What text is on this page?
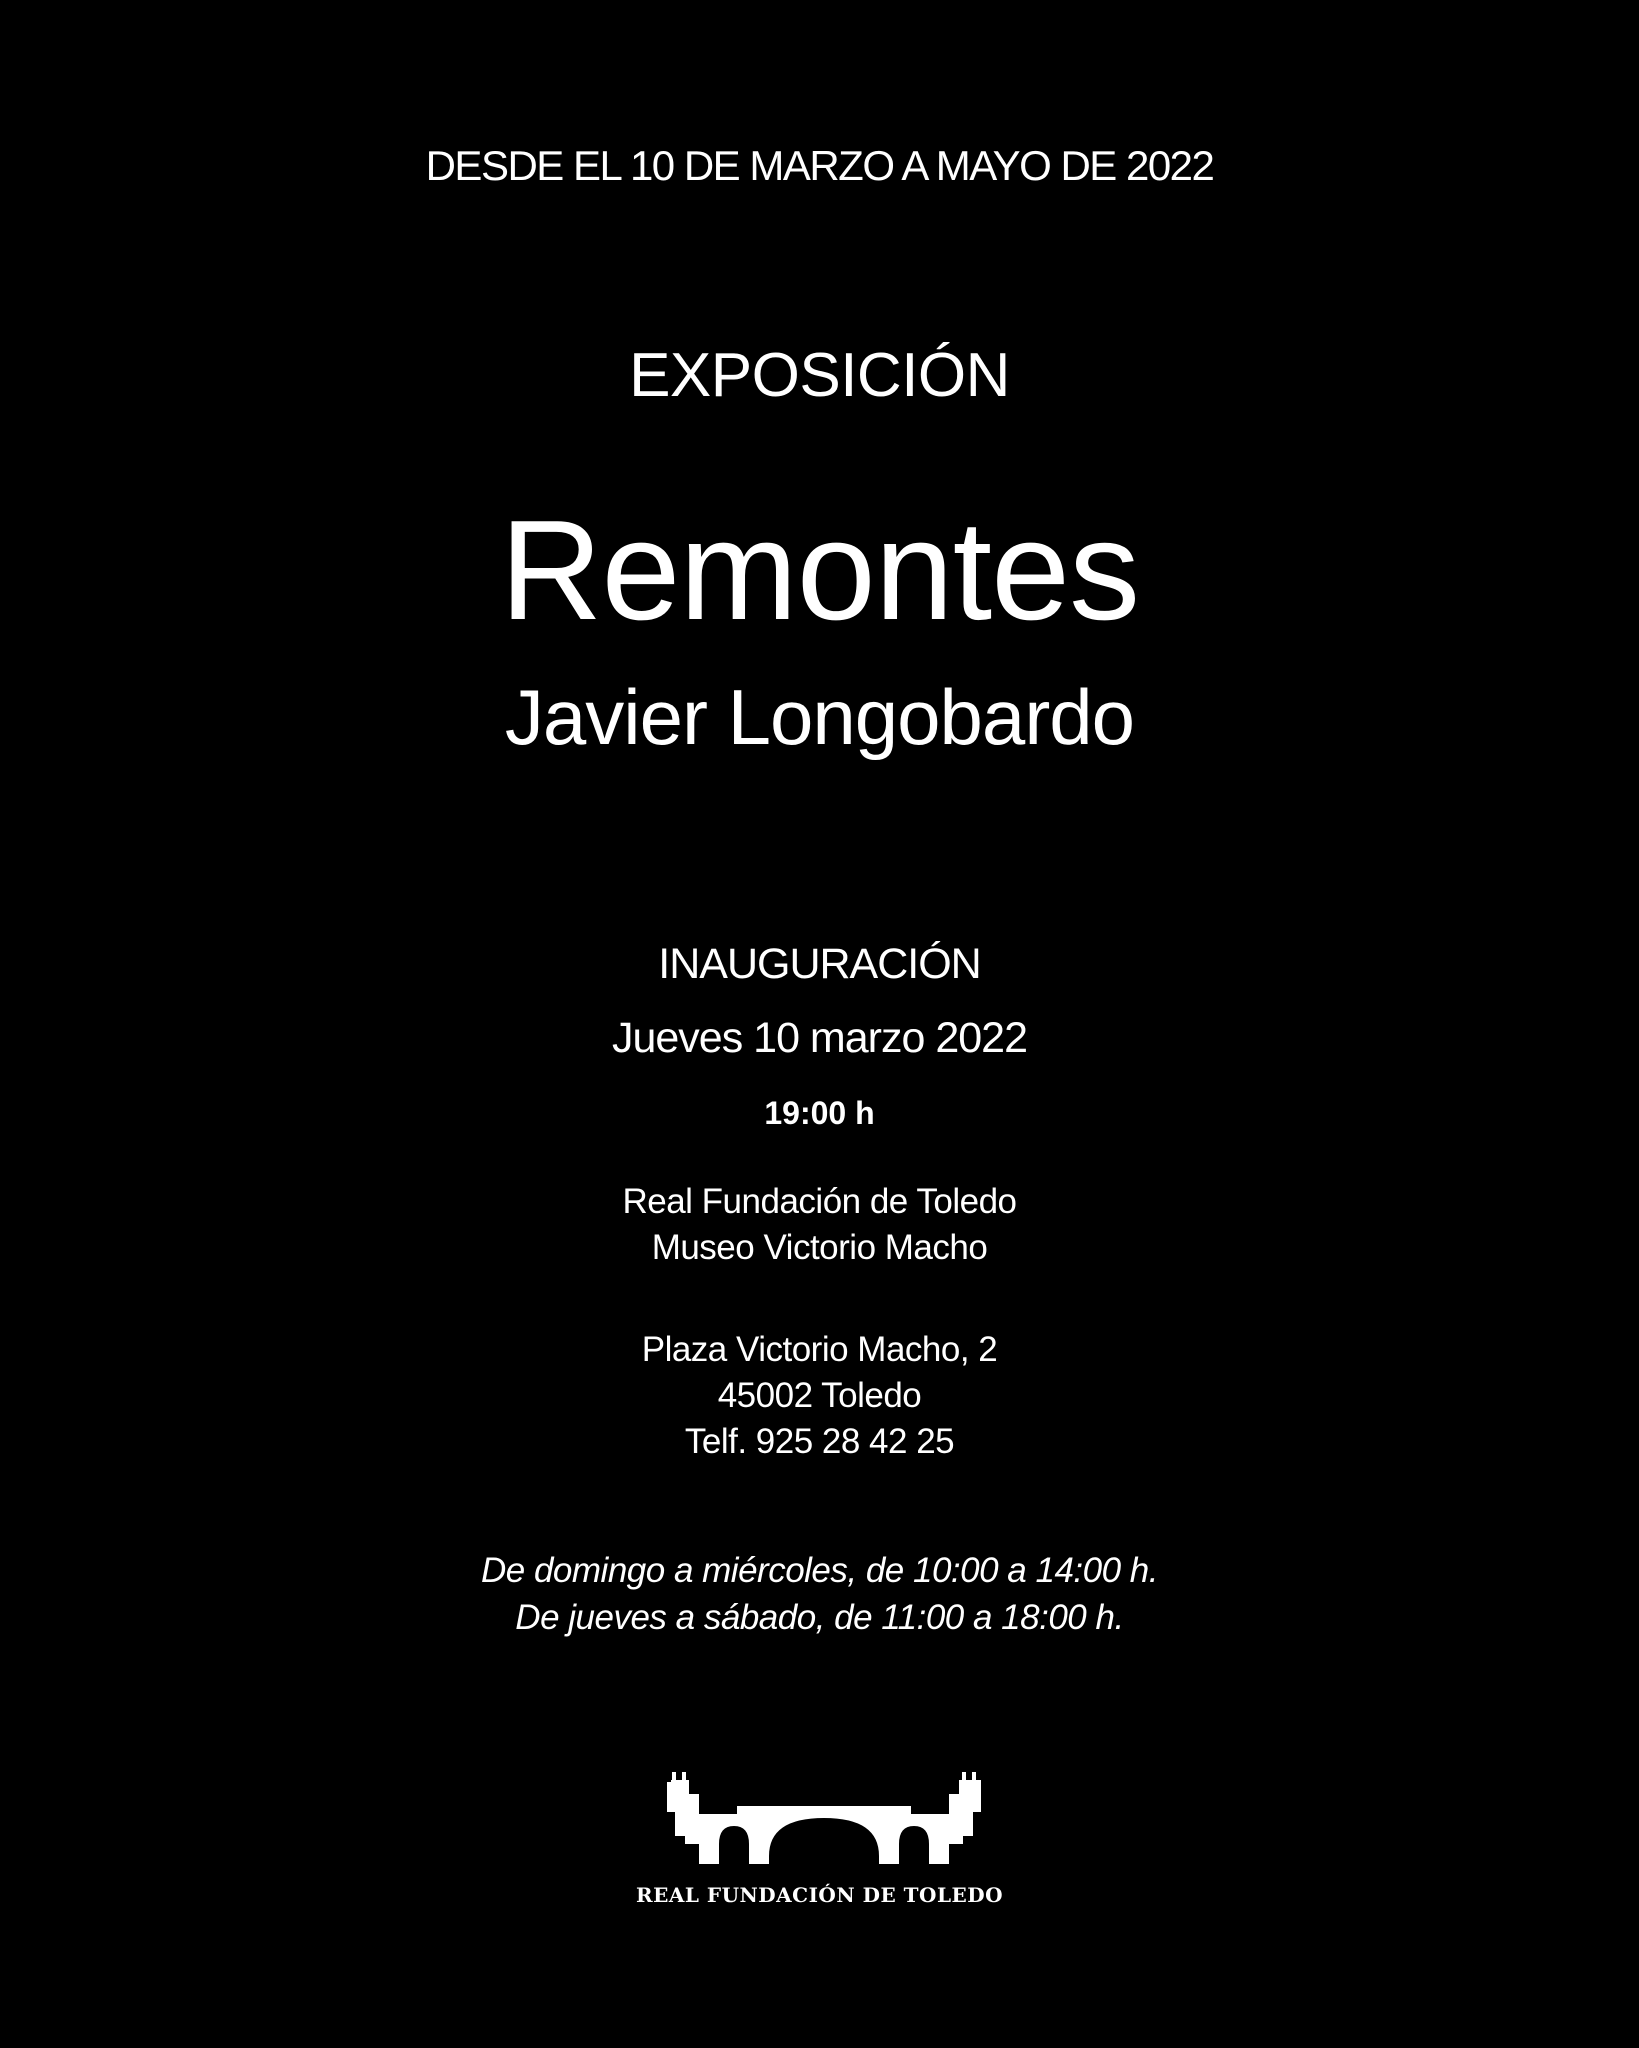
DESDE EL 10 DE MARZO A MAYO DE 2022
EXPOSICIÓN
Remontes
Javier Longobardo
INAUGURACIÓN
Jueves 10 marzo 2022
19:00 h
Real Fundación de Toledo
Museo Victorio Macho
Plaza Victorio Macho, 2
45002 Toledo
Telf. 925 28 42 25
De domingo a miércoles, de 10:00 a 14:00 h.
De jueves a sábado, de 11:00 a 18:00 h.
REAL FUNDACIÓN DE TOLEDO
